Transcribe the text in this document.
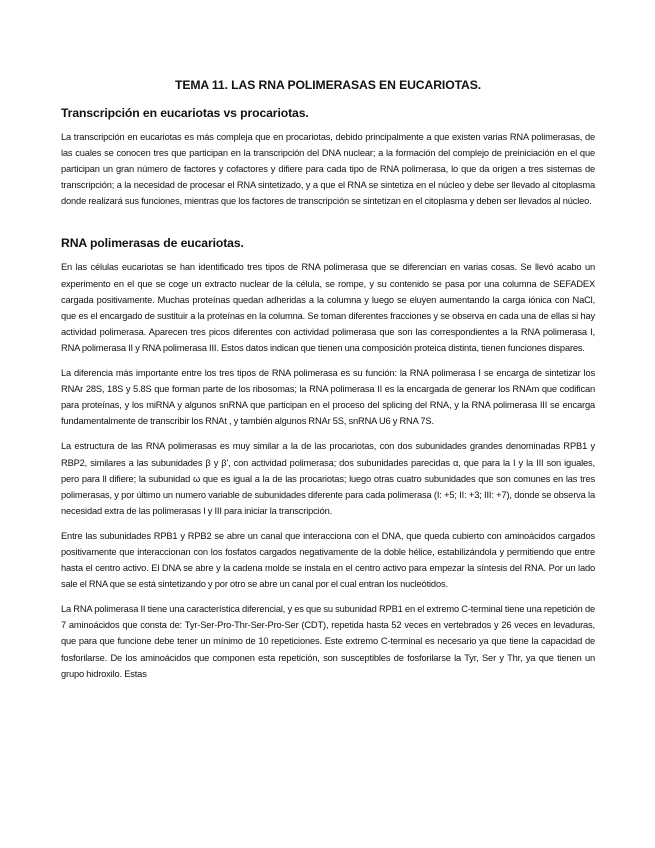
TEMA 11. LAS RNA POLIMERASAS EN EUCARIOTAS.
Transcripción en eucariotas vs procariotas.

La transcripción en eucariotas es más compleja que en procariotas, debido principalmente a que existen varias RNA polimerasas, de las cuales se conocen tres que participan en la transcripción del DNA nuclear; a la formación del complejo de preiniciación en el que participan un gran número de factores y cofactores y difiere para cada tipo de RNA polimerasa, lo que da origen a tres sistemas de transcripción; a la necesidad de procesar el RNA sintetizado, y a que el RNA se sintetiza en el núcleo y debe ser llevado al citoplasma donde realizará sus funciones, mientras que los factores de transcripción se sintetizan en el citoplasma y deben ser llevados al núcleo.

RNA polimerasas de eucariotas.

En las células eucariotas se han identificado tres tipos de RNA polimerasa que se diferencian en varias cosas. Se llevó acabo un experimento en el que se coge un extracto nuclear de la célula, se rompe, y su contenido se pasa por una columna de SEFADEX cargada positivamente. Muchas proteínas quedan adheridas a la columna y luego se eluyen aumentando la carga iónica con NaCl, que es el encargado de sustituir a la proteínas en la columna. Se toman diferentes fracciones y se observa en cada una de ellas si hay actividad polimerasa. Aparecen tres picos diferentes con actividad polimerasa que son las correspondientes a la RNA polimerasa I, RNA polimerasa II y RNA polimerasa III. Estos datos indican que tienen una composición proteica distinta, tienen funciones dispares.

La diferencia más importante entre los tres tipos de RNA polimerasa es su función: la RNA polimerasa I se encarga de sintetizar los RNAr 28S, 18S y 5.8S que forman parte de los ribosomas; la RNA polimerasa II es la encargada de generar los RNAm que codifican para proteínas, y los miRNA y algunos snRNA que participan en el proceso del splicing del RNA, y la RNA polimerasa III se encarga fundamentalmente de transcribir los RNAt , y también algunos RNAr 5S, snRNA U6 y RNA 7S.

La estructura de las RNA polimerasas es muy similar a la de las procariotas, con dos subunidades grandes denominadas RPB1 y RBP2, similares a las subunidades β y β', con actividad polimerasa; dos subunidades parecidas α, que para la I y la III son iguales, pero para ll difiere; la subunidad ω que es igual a la de las procariotas; luego otras cuatro subunidades que son comunes en las tres polimerasas, y por último un numero variable de subunidades diferente para cada polimerasa (I: +5; II: +3; III: +7), donde se observa la necesidad extra de las polimerasas I y III para iniciar la transcripción.

Entre las subunidades RPB1 y RPB2 se abre un canal que interacciona con el DNA, que queda cubierto con aminoácidos cargados positivamente que interaccionan con los fosfatos cargados negativamente de la doble hélice, estabilizándola y permitiendo que entre hasta el centro activo. El DNA se abre y la cadena molde se instala en el centro activo para empezar la síntesis del RNA. Por un lado sale el RNA que se está sintetizando y por otro se abre un canal por el cual entran los nucleótidos.

La RNA polimerasa II tiene una característica diferencial, y es que su subunidad RPB1 en el extremo C-terminal tiene una repetición de 7 aminoácidos que consta de: Tyr-Ser-Pro-Thr-Ser-Pro-Ser (CDT), repetida hasta 52 veces en vertebrados y 26 veces en levaduras, que para que funcione debe tener un mínimo de 10 repeticiones. Este extremo C-terminal es necesario ya que tiene la capacidad de fosforilarse. De los aminoácidos que componen esta repetición, son susceptibles de fosforilarse la Tyr, Ser y Thr, ya que tienen un grupo hidroxilo. Estas
